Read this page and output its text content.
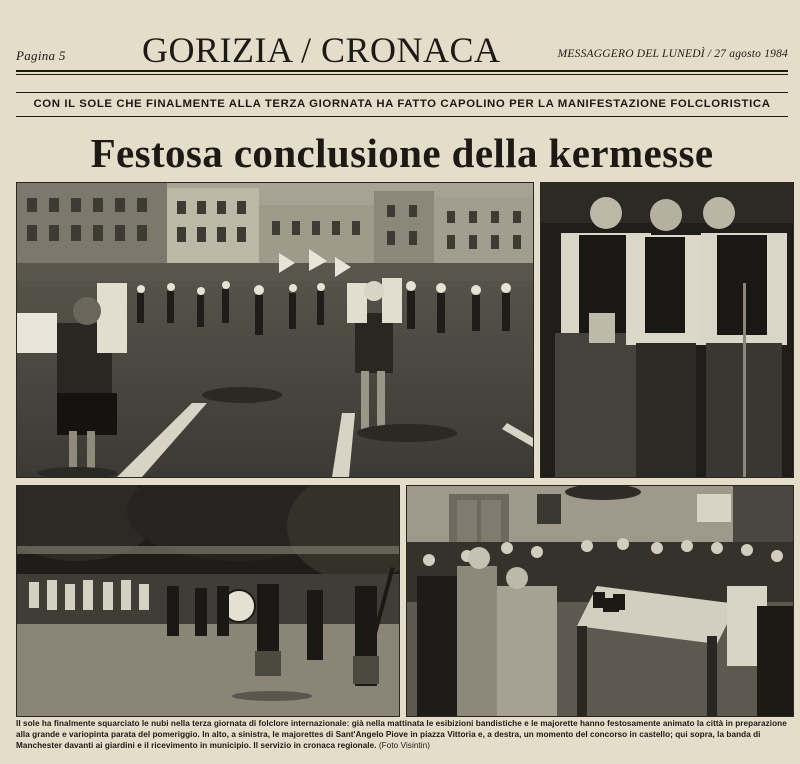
Pagina 5 GORIZIA / CRONACA	MESSAGGERO DEL LUNEDÌ / 27 agosto 1984
CON IL SOLE CHE FINALMENTE ALLA TERZA GIORNATA HA FATTO CAPOLINO PER LA MANIFESTAZIONE FOLCLORISTICA
Festosa conclusione della kermesse
Il sole ha finalmente squarciato le nubi nella terza giornata di folclore internazionale: già nella mattinata le esibizioni bandistiche e le majorette hanno festosamente animato la città in preparazione alla grande e variopinta parata del pomeriggio. In alto, a sinistra, le majorettes di Sant'Angelo Piove in piazza Vittoria e, a destra, un momento del concorso in castello; qui sopra, la banda di Manchester davanti ai giardini e il ricevimento in municipio. Il servizio in cronaca regionale. (Foto Visintin)
